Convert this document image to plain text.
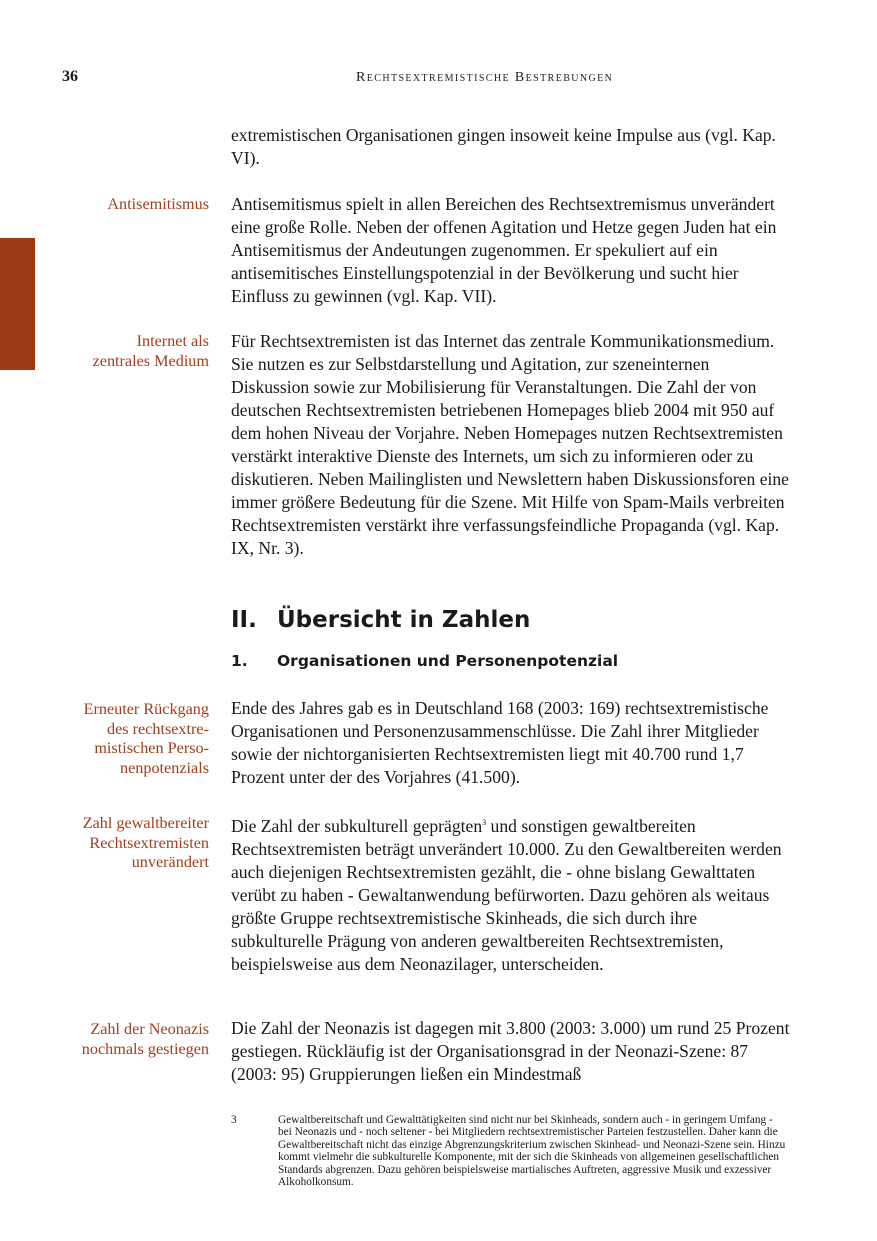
36	Rechtsextremistische Bestrebungen

extremistischen Organisationen gingen insoweit keine Impulse aus (vgl. Kap. VI).

Antisemitismus Antisemitismus spielt in allen Bereichen des Rechtsextremismus unverändert eine große Rolle. Neben der offenen Agitation und Hetze gegen Juden hat ein Antisemitismus der Andeutungen zugenommen. Er spekuliert auf ein antisemitisches Einstellungspotenzial in der Bevölkerung und sucht hier Einfluss zu gewinnen (vgl. Kap. VII).

Internet als
zentrales Medium

Für Rechtsextremisten ist das Internet das zentrale Kommunikationsmedium. Sie nutzen es zur Selbstdarstellung und Agitation, zur szeneinternen Diskussion sowie zur Mobilisierung für Veranstaltungen. Die Zahl der von deutschen Rechtsextremisten betriebenen Homepages blieb 2004 mit 950 auf dem hohen Niveau der Vorjahre. Neben Homepages nutzen Rechtsextremisten verstärkt interaktive Dienste des Internets, um sich zu informieren oder zu diskutieren. Neben Mailinglisten und Newslettern haben Diskussionsforen eine immer größere Bedeutung für die Szene. Mit Hilfe von Spam-Mails verbreiten Rechtsextremisten verstärkt ihre verfassungsfeindliche Propaganda (vgl. Kap. IX, Nr. 3).

II. Übersicht in Zahlen
1. Organisationen und Personenpotenzial
Erneuter Rückgang
des rechtsextre-
mistischen Perso-
nenpotenzials

Ende des Jahres gab es in Deutschland 168 (2003: 169) rechtsextremistische Organisationen und Personenzusammenschlüsse. Die Zahl ihrer Mitglieder sowie der nichtorganisierten Rechtsextremisten liegt mit 40.700 rund 1,7 Prozent unter der des Vorjahres (41.500).

Zahl gewaltbereiter
Rechtsextremisten
unverändert

Die Zahl der subkulturell geprägten$^3$ und sonstigen gewaltbereiten Rechtsextremisten beträgt unverändert 10.000. Zu den Gewaltbereiten werden auch diejenigen Rechtsextremisten gezählt, die - ohne bislang Gewalttaten verübt zu haben - Gewaltanwendung befürworten. Dazu gehören als weitaus größte Gruppe rechtsextremistische Skinheads, die sich durch ihre subkulturelle Prägung von anderen gewaltbereiten Rechtsextremisten, beispielsweise aus dem Neonazilager, unterscheiden.

Zahl der Neonazis
nochmals gestiegen

Die Zahl der Neonazis ist dagegen mit 3.800 (2003: 3.000) um rund 25 Prozent gestiegen. Rückläufig ist der Organisationsgrad in der Neonazi-Szene: 87 (2003: 95) Gruppierungen ließen ein Mindestmaß

3	Gewaltbereitschaft und Gewalttätigkeiten sind nicht nur bei Skinheads, sondern auch - in geringem Umfang - bei Neonazis und - noch seltener - bei Mitgliedern rechtsextremistischer Parteien festzustellen. Daher kann die Gewaltbereitschaft nicht das einzige Abgrenzungskriterium zwischen Skinhead- und Neonazi-Szene sein. Hinzu kommt vielmehr die subkulturelle Komponente, mit der sich die Skinheads von allgemeinen gesellschaftlichen Standards abgrenzen. Dazu gehören beispielsweise martialisches Auftreten, aggressive Musik und exzessiver Alkoholkonsum.
